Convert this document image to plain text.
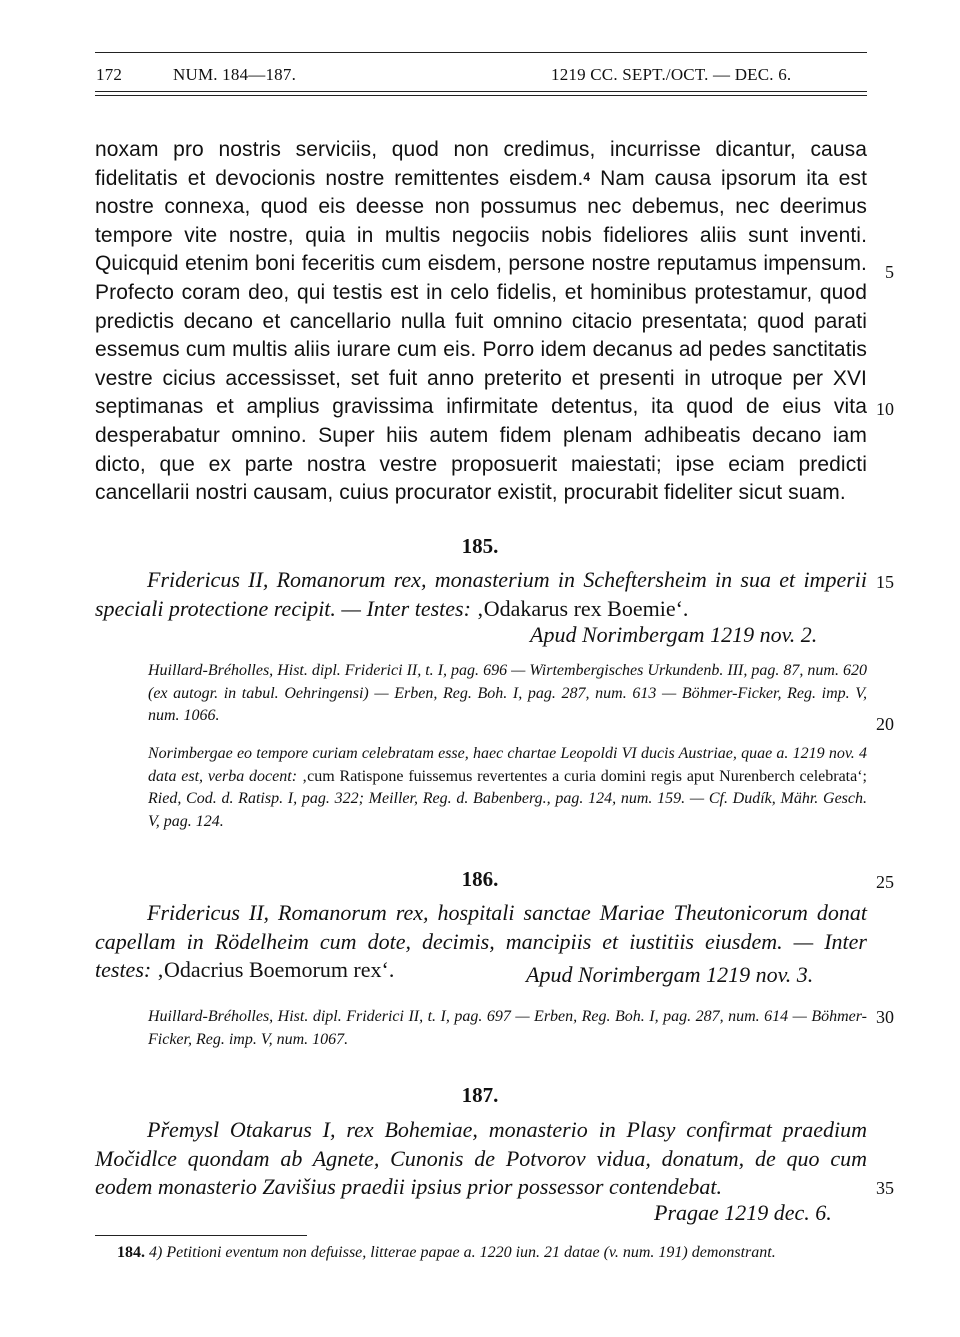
172	NUM. 184—187.	1219 CC. SEPT./OCT. — DEC. 6.

noxam pro nostris serviciis, quod non credimus, incurrisse dicantur, causa fidelitatis et devocionis nostre remittentes eisdem.$^4$ Nam causa ipsorum ita est nostre connexa, quod eis deesse non possumus nec debemus, nec deerimus tempore vite nostre, quia in multis negociis nobis fideliores aliis sunt inventi. Quicquid etenim boni feceritis cum eisdem, persone nostre reputamus impensum. Profecto coram deo, qui testis est in celo fidelis, et hominibus protestamur, quod predictis decano et cancellario nulla fuit omnino citacio presentata; quod parati essemus cum multis aliis iurare cum eis. Porro idem decanus ad pedes sanctitatis vestre cicius accessisset, set fuit anno preterito et presenti in utroque per XVI septimanas et amplius gravissima infirmitate detentus, ita quod de eius vita desperabatur omnino. Super hiis autem fidem plenam adhibeatis decano iam dicto, que ex parte nostra vestre proposuerit maiestati; ipse eciam predicti cancellarii nostri causam, cuius procurator existit, procurabit fideliter sicut suam.

5
10
185.
Fridericus II, Romanorum rex, monasterium in Scheftersheim in sua et imperii speciali protectione recipit. — Inter testes: ‚Odakarus rex Boemie‘.
15
Apud Norimbergam 1219 nov. 2.
Huillard-Bréholles, Hist. dipl. Friderici II, t. I, pag. 696 — Wirtembergisches Urkundenb. III, pag. 87, num. 620 (ex autogr. in tabul. Oehringensi) — Erben, Reg. Boh. I, pag. 287, num. 613 — Böhmer-Ficker, Reg. imp. V, num. 1066.	20
Norimbergae eo tempore curiam celebratam esse, haec chartae Leopoldi VI ducis Austriae, quae a. 1219 nov. 4 data est, verba docent: ‚cum Ratispone fuissemus revertentes a curia domini regis aput Nurenberch celebrata‘; Ried, Cod. d. Ratisp. I, pag. 322; Meiller, Reg. d. Babenberg., pag. 124, num. 159. — Cf. Dudík, Mähr. Gesch. V, pag. 124.
186.	25
Fridericus II, Romanorum rex, hospitali sanctae Mariae Theutonicorum donat capellam in Rödelheim cum dote, decimis, mancipiis et iustitiis eiusdem. — Inter testes: ‚Odacrius Boemorum rex‘.	Apud Norimbergam 1219 nov. 3.
Huillard-Bréholles, Hist. dipl. Friderici II, t. I, pag. 697 — Erben, Reg. Boh. I, pag. 287, num. 614 — Böhmer-Ficker, Reg. imp. V, num. 1067.
30
187.
Přemysl Otakarus I, rex Bohemiae, monasterio in Plasy confirmat praedium Močidlce quondam ab Agnete, Cunonis de Potvorov vidua, donatum, de quo cum eodem monasterio Zavišius praedii ipsius prior possessor contendebat.	35
Pragae 1219 dec. 6.
184. 4) Petitioni eventum non defuisse, litterae papae a. 1220 iun. 21 datae (v. num. 191) demonstrant.
